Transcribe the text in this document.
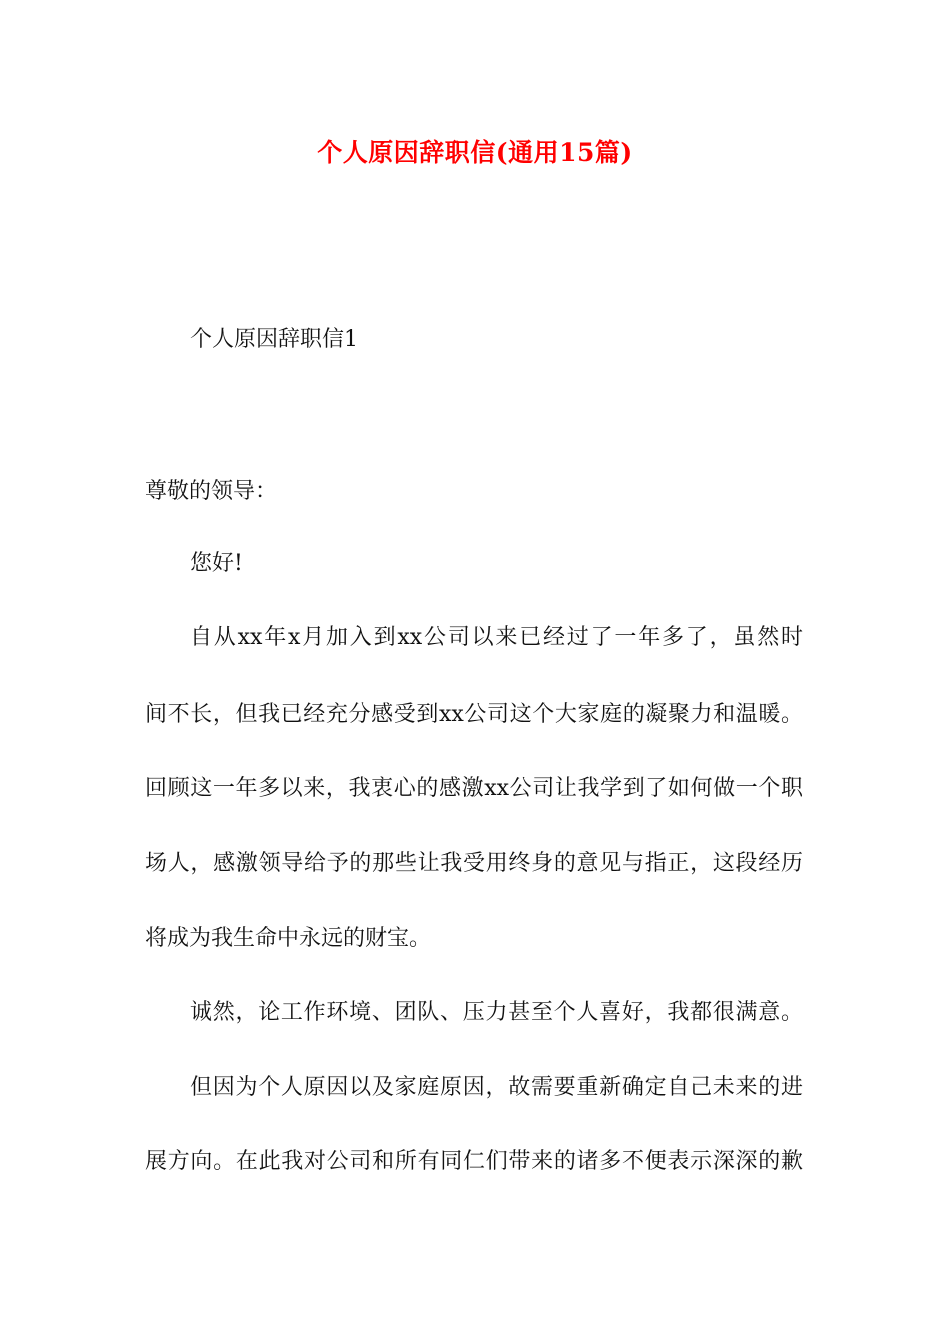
个人原因辞职信(通用15篇)
个人原因辞职信1
尊敬的领导：
您好!
自从xx年x月加入到xx公司以来已经过了一年多了，虽然时
间不长，但我已经充分感受到xx公司这个大家庭的凝聚力和温暖。
回顾这一年多以来，我衷心的感激xx公司让我学到了如何做一个职
场人，感激领导给予的那些让我受用终身的意见与指正，这段经历
将成为我生命中永远的财宝。
诚然，论工作环境、团队、压力甚至个人喜好，我都很满意。
但因为个人原因以及家庭原因，故需要重新确定自己未来的进
展方向。在此我对公司和所有同仁们带来的诸多不便表示深深的歉
